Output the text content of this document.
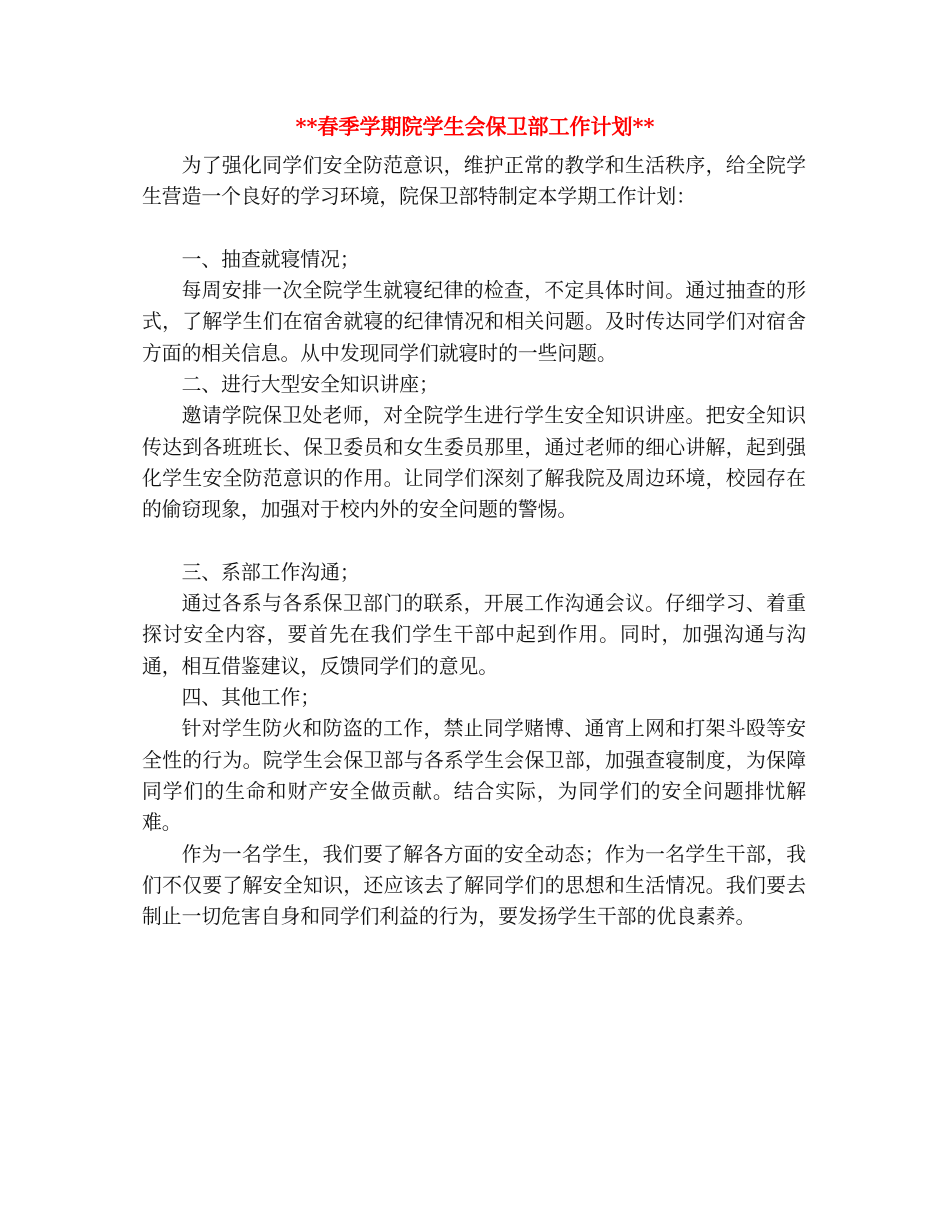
**春季学期院学生会保卫部工作计划**

为了强化同学们安全防范意识，维护正常的教学和生活秩序，给全院学生营造一个良好的学习环境，院保卫部特制定本学期工作计划：

一、抽查就寝情况；

每周安排一次全院学生就寝纪律的检查，不定具体时间。通过抽查的形式，了解学生们在宿舍就寝的纪律情况和相关问题。及时传达同学们对宿舍方面的相关信息。从中发现同学们就寝时的一些问题。

二、进行大型安全知识讲座；

邀请学院保卫处老师，对全院学生进行学生安全知识讲座。把安全知识传达到各班班长、保卫委员和女生委员那里，通过老师的细心讲解，起到强化学生安全防范意识的作用。让同学们深刻了解我院及周边环境，校园存在的偷窃现象，加强对于校内外的安全问题的警惕。

三、系部工作沟通；

通过各系与各系保卫部门的联系，开展工作沟通会议。仔细学习、着重探讨安全内容，要首先在我们学生干部中起到作用。同时，加强沟通与沟通，相互借鉴建议，反馈同学们的意见。

四、其他工作；

针对学生防火和防盗的工作，禁止同学赌博、通宵上网和打架斗殴等安全性的行为。院学生会保卫部与各系学生会保卫部，加强查寝制度，为保障同学们的生命和财产安全做贡献。结合实际，为同学们的安全问题排忧解难。

作为一名学生，我们要了解各方面的安全动态；作为一名学生干部，我们不仅要了解安全知识，还应该去了解同学们的思想和生活情况。我们要去制止一切危害自身和同学们利益的行为，要发扬学生干部的优良素养。
